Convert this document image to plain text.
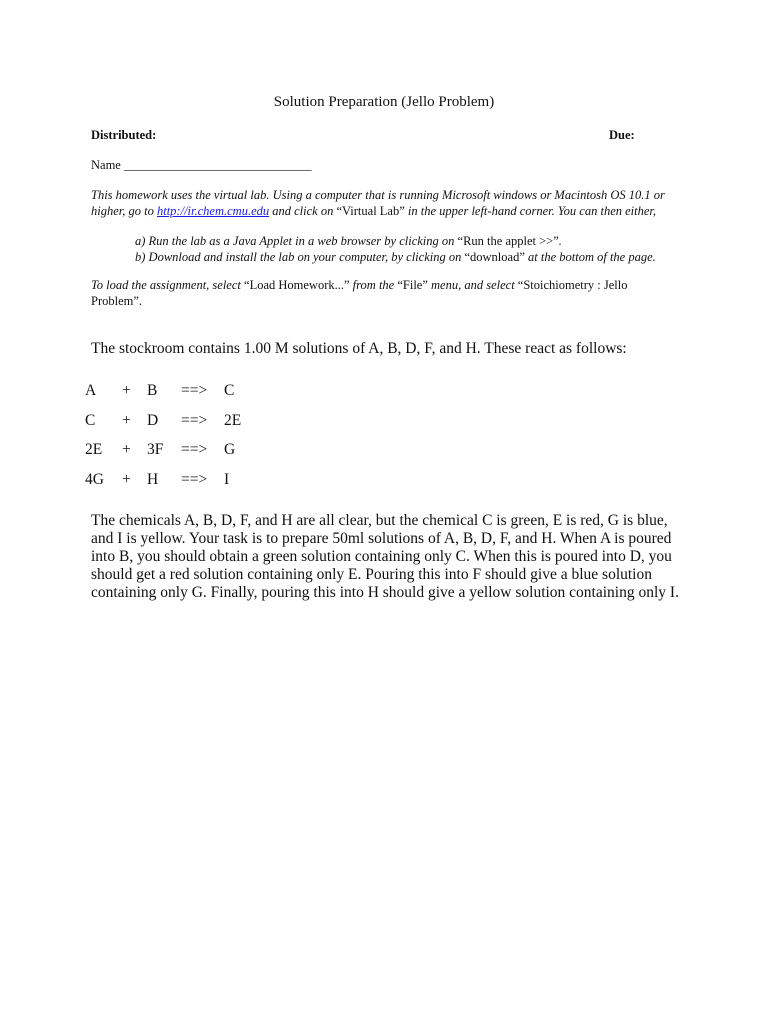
Solution Preparation (Jello Problem)
Distributed:	Due:
Name ______________________________
This homework uses the virtual lab. Using a computer that is running Microsoft windows or Macintosh OS 10.1 or higher, go to http://ir.chem.cmu.edu and click on “Virtual Lab” in the upper left-hand corner. You can then either,
a) Run the lab as a Java Applet in a web browser by clicking on “Run the applet >>”.
b) Download and install the lab on your computer, by clicking on “download” at the bottom of the page.
To load the assignment, select “Load Homework...” from the “File” menu, and select “Stoichiometry : Jello Problem”.
The stockroom contains 1.00 M solutions of A, B, D, F, and H. These react as follows:
A + B ==> C
C + D ==> 2E
2E + 3F ==> G
4G + H ==> I
The chemicals A, B, D, F, and H are all clear, but the chemical C is green, E is red, G is blue, and I is yellow. Your task is to prepare 50ml solutions of A, B, D, F, and H. When A is poured into B, you should obtain a green solution containing only C. When this is poured into D, you should get a red solution containing only E. Pouring this into F should give a blue solution containing only G. Finally, pouring this into H should give a yellow solution containing only I.
